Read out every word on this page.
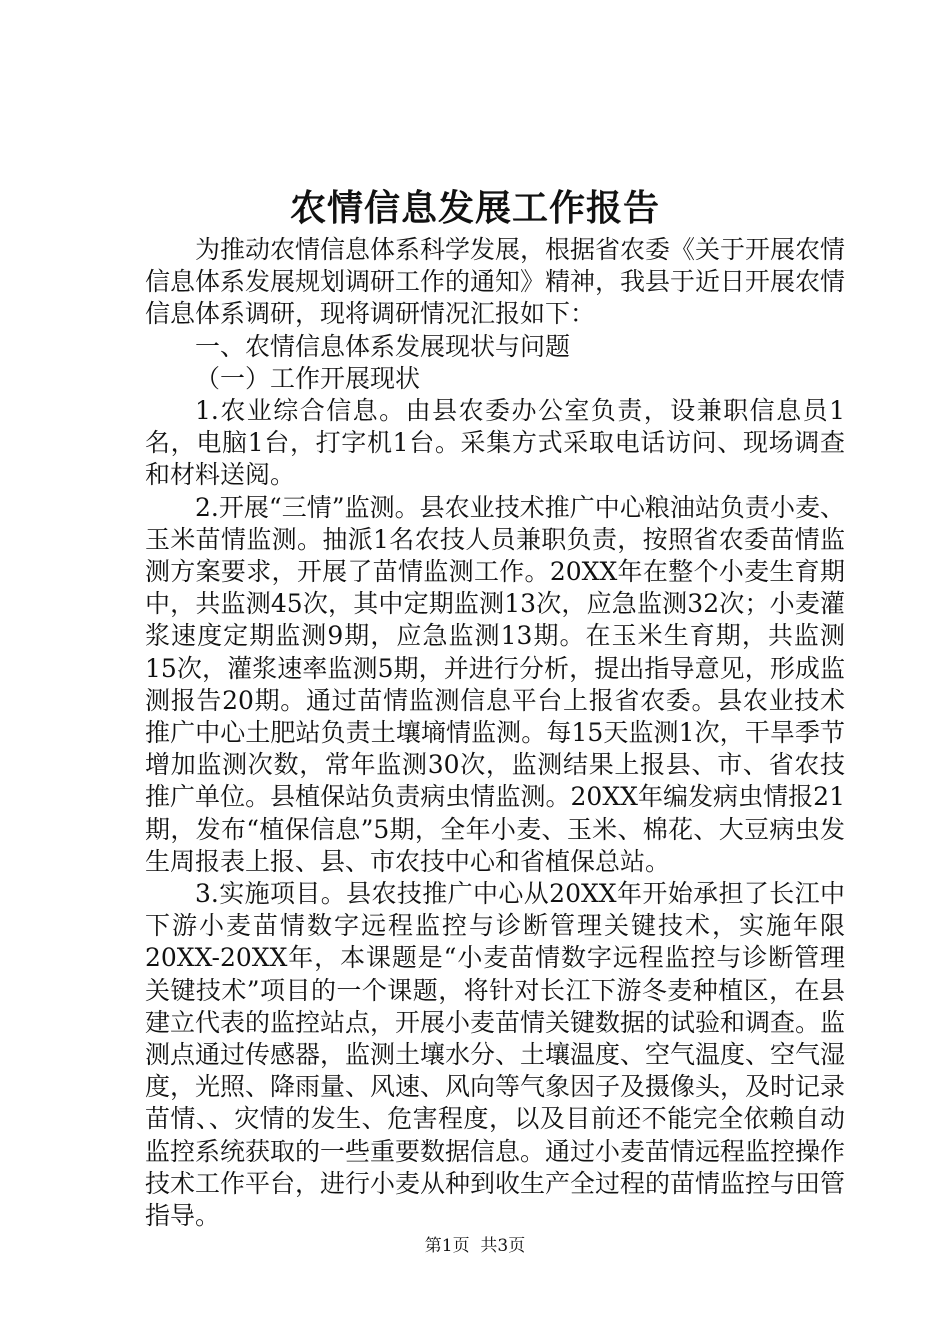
农情信息发展工作报告

为推动农情信息体系科学发展，根据省农委《关于开展农情信息体系发展规划调研工作的通知》精神，我县于近日开展农情信息体系调研，现将调研情况汇报如下：

一、农情信息体系发展现状与问题

（一）工作开展现状

1.农业综合信息。由县农委办公室负责，设兼职信息员1名，电脑1台，打字机1台。采集方式采取电话访问、现场调查和材料送阅。

2.开展“三情”监测。县农业技术推广中心粮油站负责小麦、玉米苗情监测。抽派1名农技人员兼职负责，按照省农委苗情监测方案要求，开展了苗情监测工作。20XX年在整个小麦生育期中，共监测45次，其中定期监测13次，应急监测32次；小麦灌浆速度定期监测9期，应急监测13期。在玉米生育期，共监测15次，灌浆速率监测5期，并进行分析，提出指导意见，形成监测报告20期。通过苗情监测信息平台上报省农委。县农业技术推广中心土肥站负责土壤墒情监测。每15天监测1次，干旱季节增加监测次数，常年监测30次，监测结果上报县、市、省农技推广单位。县植保站负责病虫情监测。20XX年编发病虫情报21期，发布“植保信息”5期，全年小麦、玉米、棉花、大豆病虫发生周报表上报、县、市农技中心和省植保总站。

3.实施项目。县农技推广中心从20XX年开始承担了长江中下游小麦苗情数字远程监控与诊断管理关键技术，实施年限20XX-20XX年，本课题是“小麦苗情数字远程监控与诊断管理关键技术”项目的一个课题，将针对长江下游冬麦种植区，在县建立代表的监控站点，开展小麦苗情关键数据的试验和调查。监测点通过传感器，监测土壤水分、土壤温度、空气温度、空气湿度，光照、降雨量、风速、风向等气象因子及摄像头，及时记录苗情、、灾情的发生、危害程度，以及目前还不能完全依赖自动监控系统获取的一些重要数据信息。通过小麦苗情远程监控操作技术工作平台，进行小麦从种到收生产全过程的苗情监控与田管指导。

第1页 共3页
